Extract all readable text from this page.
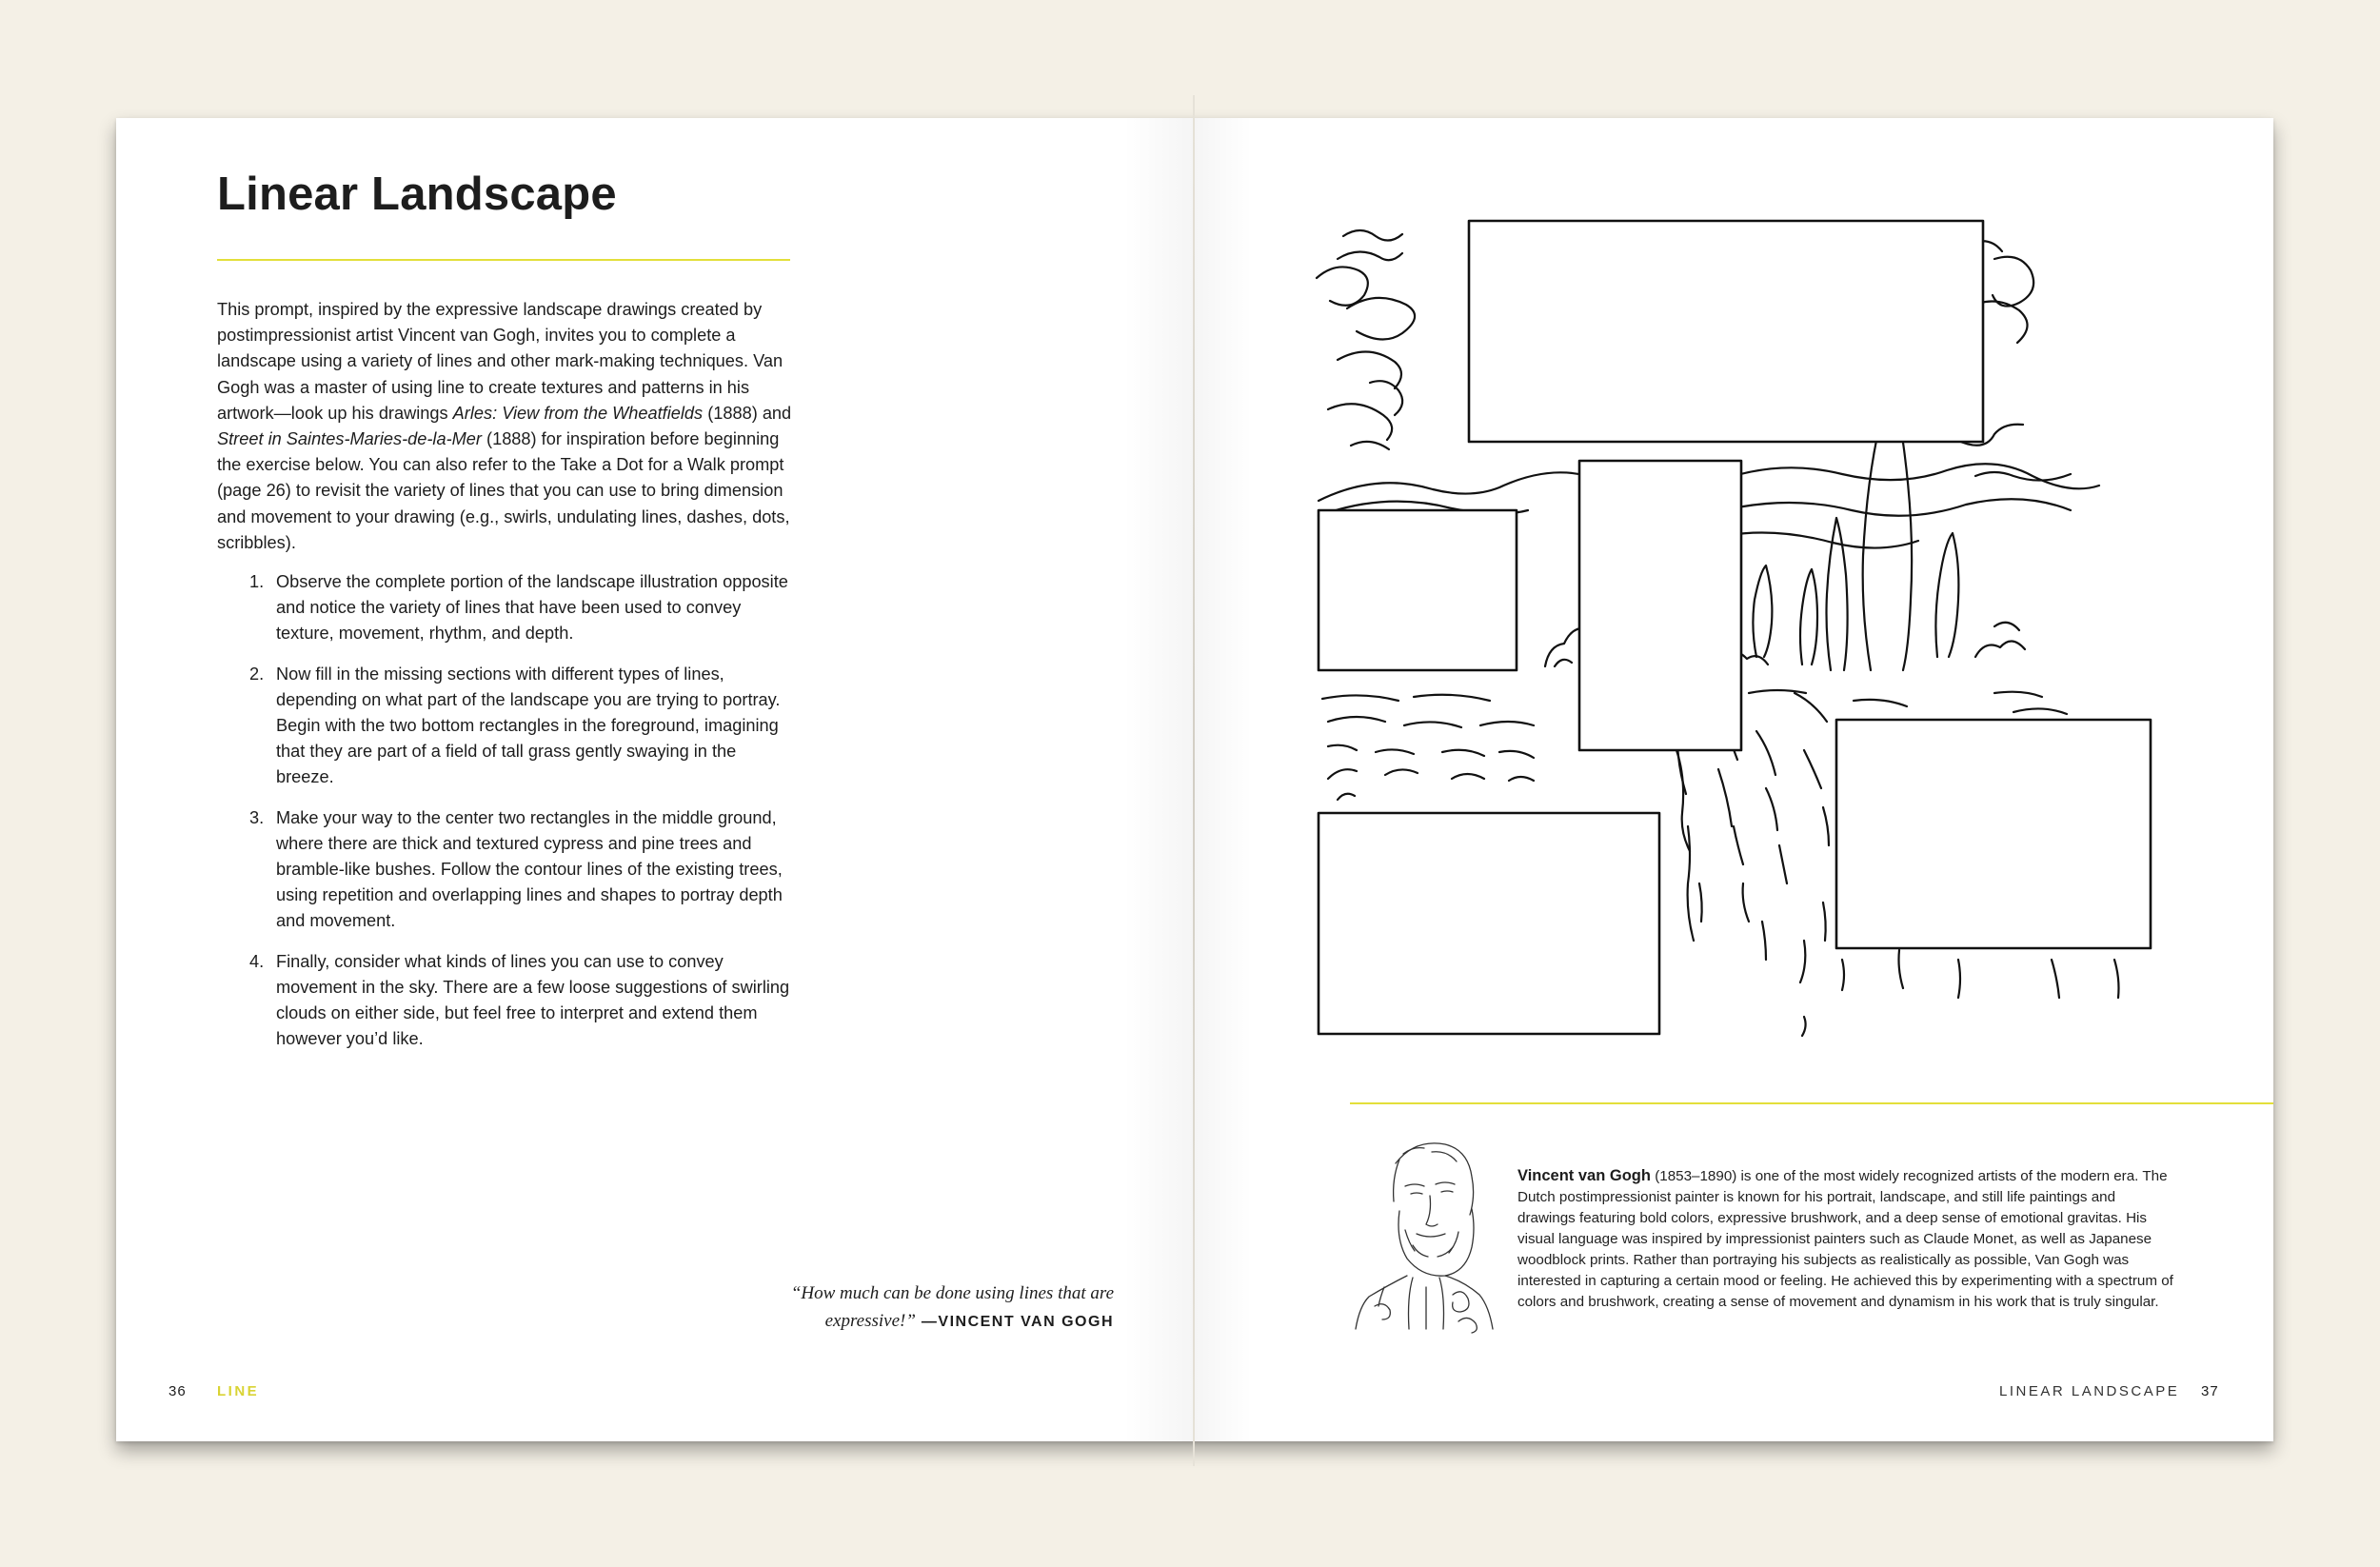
Linear Landscape

This prompt, inspired by the expressive landscape drawings created by postimpressionist artist Vincent van Gogh, invites you to complete a landscape using a variety of lines and other mark-making techniques. Van Gogh was a master of using line to create textures and patterns in his artwork—look up his drawings Arles: View from the Wheatfields (1888) and Street in Saintes-Maries-de-la-Mer (1888) for inspiration before beginning the exercise below. You can also refer to the Take a Dot for a Walk prompt (page 26) to revisit the variety of lines that you can use to bring dimension and movement to your drawing (e.g., swirls, undulating lines, dashes, dots, scribbles).

1. Observe the complete portion of the landscape illustration opposite and notice the variety of lines that have been used to convey texture, movement, rhythm, and depth.
2. Now fill in the missing sections with different types of lines, depending on what part of the landscape you are trying to portray. Begin with the two bottom rectangles in the foreground, imagining that they are part of a field of tall grass gently swaying in the breeze.
3. Make your way to the center two rectangles in the middle ground, where there are thick and textured cypress and pine trees and bramble-like bushes. Follow the contour lines of the existing trees, using repetition and overlapping lines and shapes to portray depth and movement.
4. Finally, consider what kinds of lines you can use to convey movement in the sky. There are a few loose suggestions of swirling clouds on either side, but feel free to interpret and extend them however you’d like.

“How much can be done using lines that are
expressive!” —VINCENT VAN GOGH

36 LINE

Vincent van Gogh (1853–1890) is one of the most widely recognized artists of the modern era. The Dutch postimpressionist painter is known for his portrait, landscape, and still life paintings and drawings featuring bold colors, expressive brushwork, and a deep sense of emotional gravitas. His visual language was inspired by impressionist painters such as Claude Monet, as well as Japanese woodblock prints. Rather than portraying his subjects as realistically as possible, Van Gogh was interested in capturing a certain mood or feeling. He achieved this by experimenting with a spectrum of colors and brushwork, creating a sense of movement and dynamism in his work that is truly singular.

LINEAR LANDSCAPE 37
